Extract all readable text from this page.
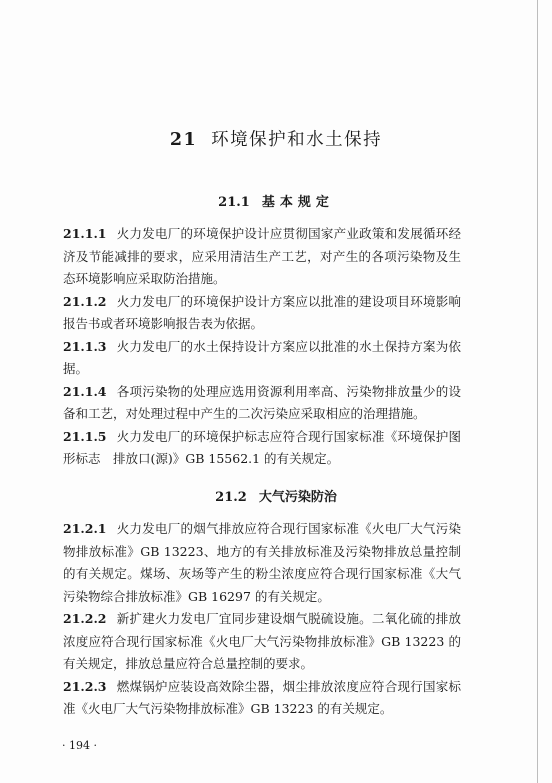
21 环境保护和水土保持
21.1 基本规定

21.1.1 火力发电厂的环境保护设计应贯彻国家产业政策和发展循环经济及节能减排的要求，应采用清洁生产工艺，对产生的各项污染物及生态环境影响应采取防治措施。

21.1.2 火力发电厂的环境保护设计方案应以批准的建设项目环境影响报告书或者环境影响报告表为依据。

21.1.3 火力发电厂的水土保持设计方案应以批准的水土保持方案为依据。

21.1.4 各项污染物的处理应选用资源利用率高、污染物排放量少的设备和工艺，对处理过程中产生的二次污染应采取相应的治理措施。

21.1.5 火力发电厂的环境保护标志应符合现行国家标准《环境保护图形标志　排放口(源)》GB 15562.1 的有关规定。

21.2 大气污染防治

21.2.1 火力发电厂的烟气排放应符合现行国家标准《火电厂大气污染物排放标准》GB 13223、地方的有关排放标准及污染物排放总量控制的有关规定。煤场、灰场等产生的粉尘浓度应符合现行国家标准《大气污染物综合排放标准》GB 16297 的有关规定。

21.2.2 新扩建火力发电厂宜同步建设烟气脱硫设施。二氧化硫的排放浓度应符合现行国家标准《火电厂大气污染物排放标准》GB 13223 的有关规定，排放总量应符合总量控制的要求。

21.2.3 燃煤锅炉应装设高效除尘器，烟尘排放浓度应符合现行国家标准《火电厂大气污染物排放标准》GB 13223 的有关规定。

· 194 ·
